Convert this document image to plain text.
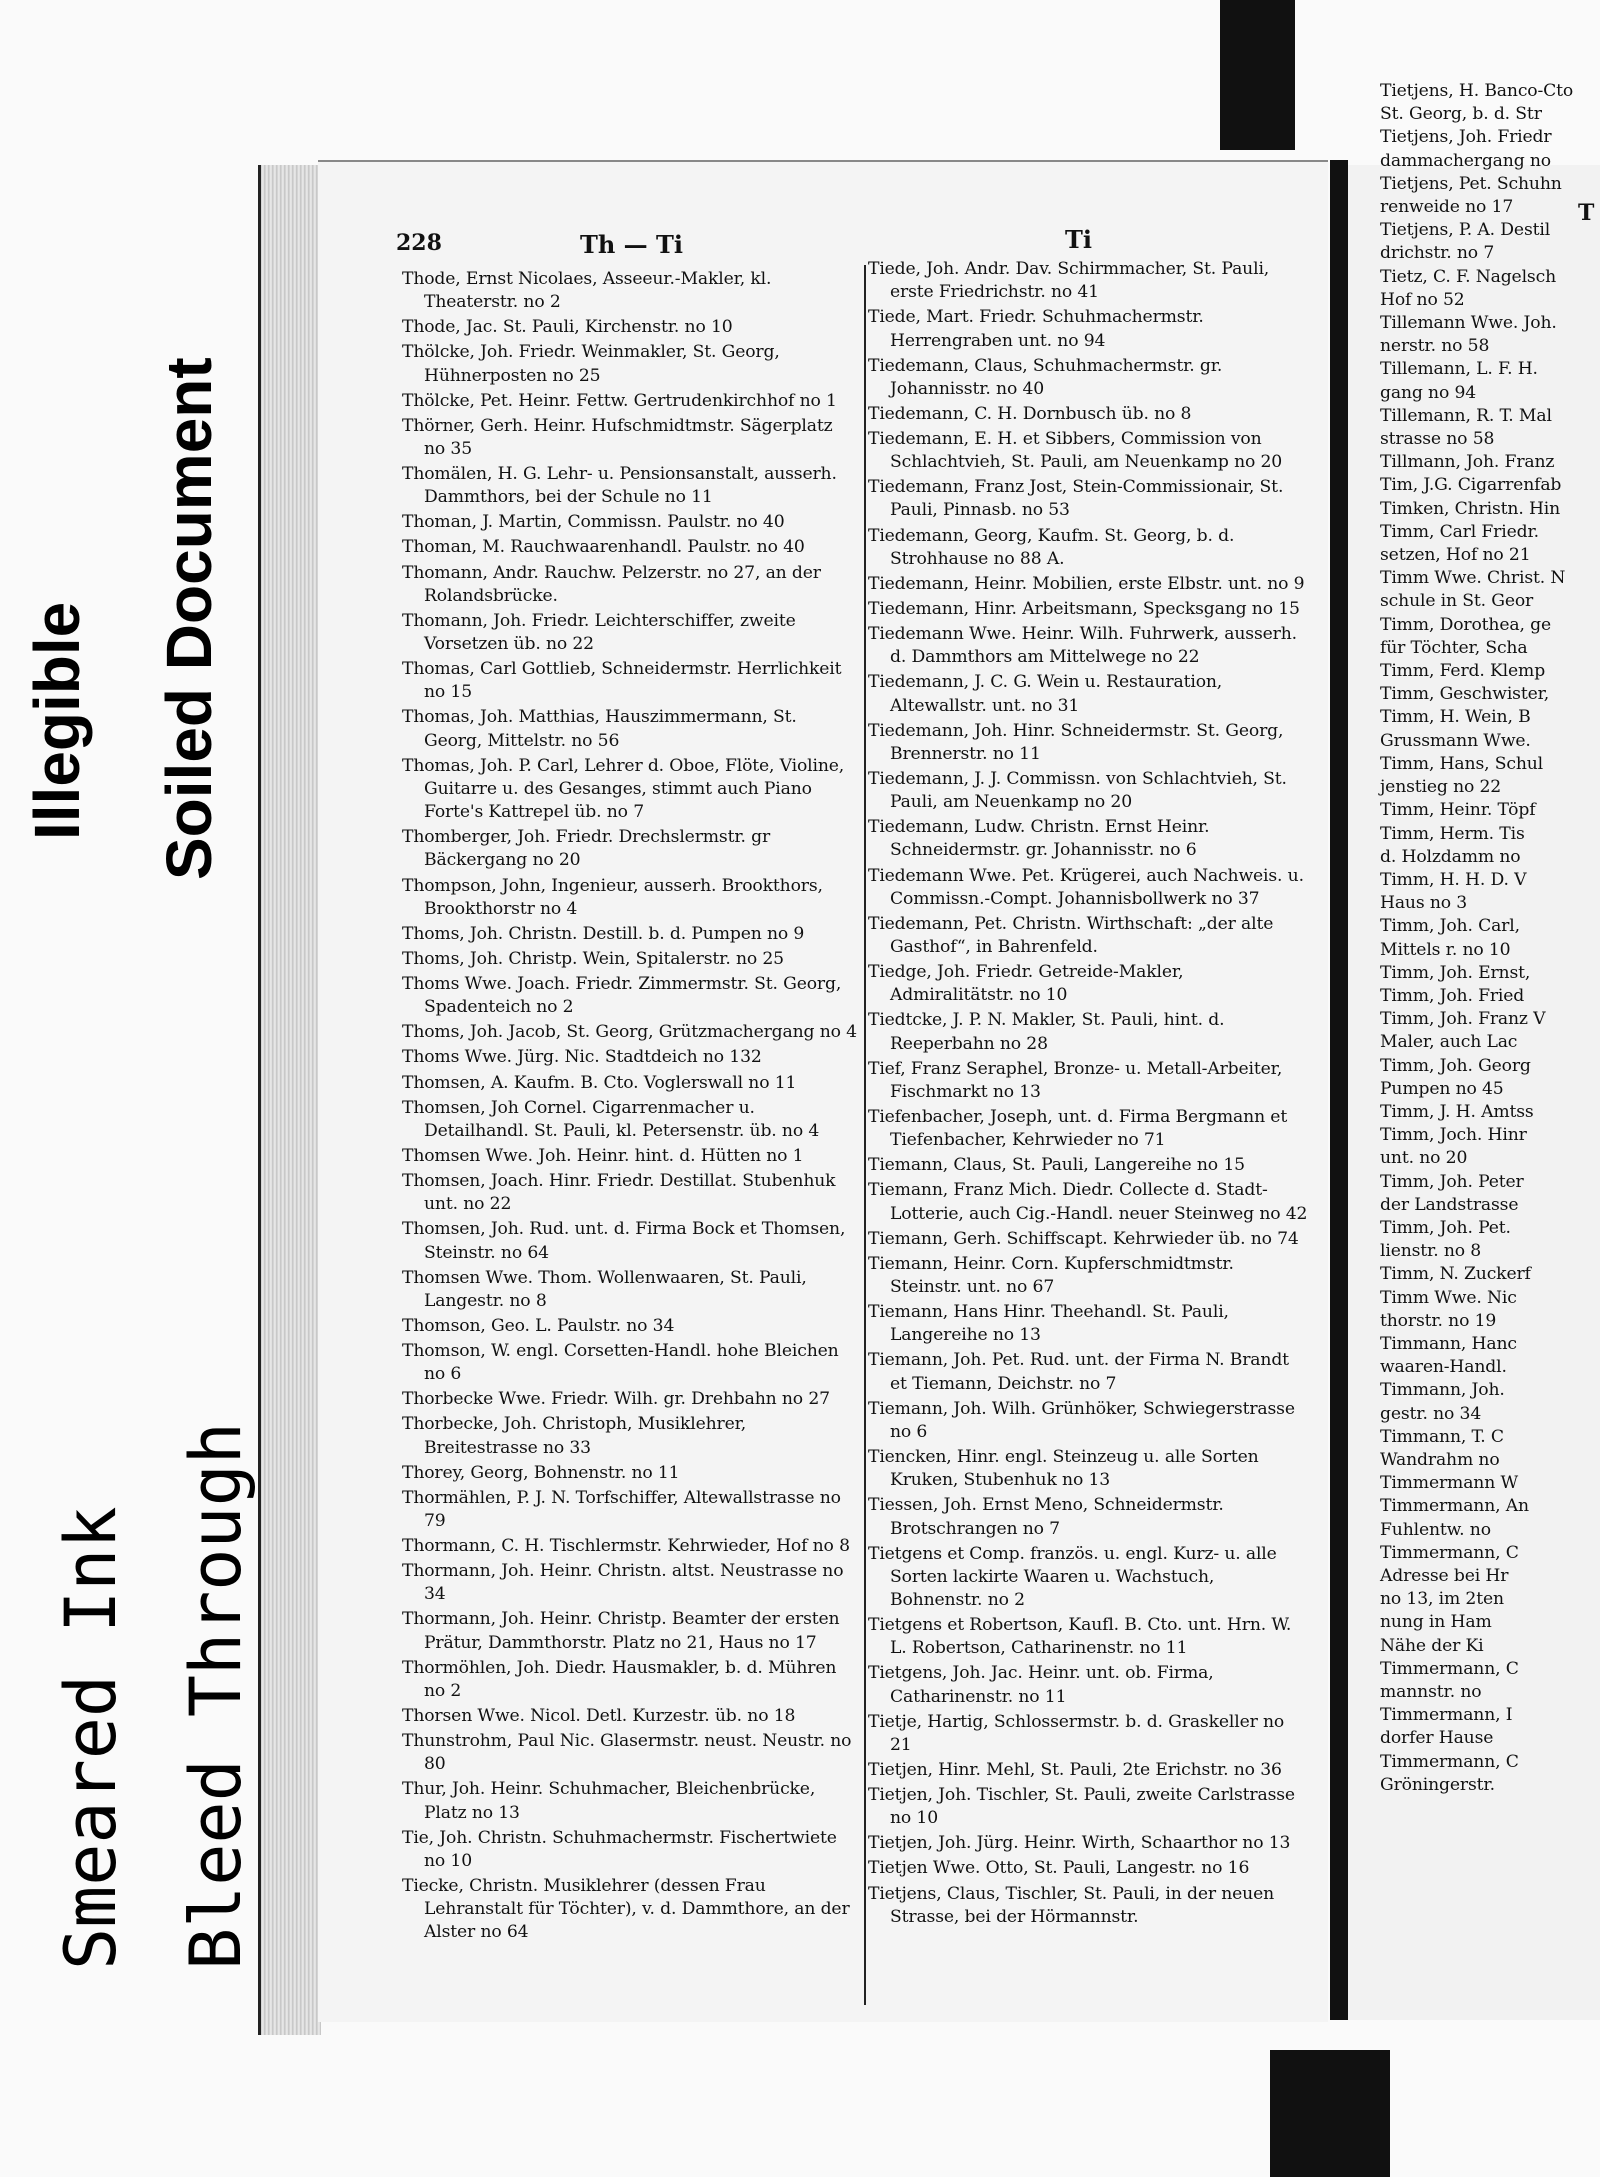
Illegible Soiled Document
Smeared Ink Bleed Through
228	Th — Ti	Ti
T
Thode, Ernst Nicolaes, Asseeur.-Makler, kl. Theaterstr. no 2
Thode, Jac. St. Pauli, Kirchenstr. no 10
Thölcke, Joh. Friedr. Weinmakler, St. Georg, Hühnerposten no 25
Thölcke, Pet. Heinr. Fettw. Gertrudenkirchhof no 1
Thörner, Gerh. Heinr. Hufschmidtmstr. Sägerplatz no 35
Thomälen, H. G. Lehr- u. Pensionsanstalt, ausserh. Dammthors, bei der Schule no 11
Thoman, J. Martin, Commissn. Paulstr. no 40
Thoman, M. Rauchwaarenhandl. Paulstr. no 40
Thomann, Andr. Rauchw. Pelzerstr. no 27, an der Rolandsbrücke.
Thomann, Joh. Friedr. Leichterschiffer, zweite Vorsetzen üb. no 22
Thomas, Carl Gottlieb, Schneidermstr. Herrlichkeit no 15
Thomas, Joh. Matthias, Hauszimmermann, St. Georg, Mittelstr. no 56
Thomas, Joh. P. Carl, Lehrer d. Oboe, Flöte, Violine, Guitarre u. des Gesanges, stimmt auch Piano Forte's Kattrepel üb. no 7
Thomberger, Joh. Friedr. Drechslermstr. gr Bäckergang no 20
Thompson, John, Ingenieur, ausserh. Brookthors, Brookthorstr no 4
Thoms, Joh. Christn. Destill. b. d. Pumpen no 9
Thoms, Joh. Christp. Wein, Spitalerstr. no 25
Thoms Wwe. Joach. Friedr. Zimmermstr. St. Georg, Spadenteich no 2
Thoms, Joh. Jacob, St. Georg, Grützmachergang no 4
Thoms Wwe. Jürg. Nic. Stadtdeich no 132
Thomsen, A. Kaufm. B. Cto. Voglerswall no 11
Thomsen, Joh Cornel. Cigarrenmacher u. Detailhandl. St. Pauli, kl. Petersenstr. üb. no 4
Thomsen Wwe. Joh. Heinr. hint. d. Hütten no 1
Thomsen, Joach. Hinr. Friedr. Destillat. Stubenhuk unt. no 22
Thomsen, Joh. Rud. unt. d. Firma Bock et Thomsen, Steinstr. no 64
Thomsen Wwe. Thom. Wollenwaaren, St. Pauli, Langestr. no 8
Thomson, Geo. L. Paulstr. no 34
Thomson, W. engl. Corsetten-Handl. hohe Bleichen no 6
Thorbecke Wwe. Friedr. Wilh. gr. Drehbahn no 27
Thorbecke, Joh. Christoph, Musiklehrer, Breitestrasse no 33
Thorey, Georg, Bohnenstr. no 11
Thormählen, P. J. N. Torfschiffer, Altewallstrasse no 79
Thormann, C. H. Tischlermstr. Kehrwieder, Hof no 8
Thormann, Joh. Heinr. Christn. altst. Neustrasse no 34
Thormann, Joh. Heinr. Christp. Beamter der ersten Prätur, Dammthorstr. Platz no 21, Haus no 17
Thormöhlen, Joh. Diedr. Hausmakler, b. d. Mühren no 2
Thorsen Wwe. Nicol. Detl. Kurzestr. üb. no 18
Thunstrohm, Paul Nic. Glasermstr. neust. Neustr. no 80
Thur, Joh. Heinr. Schuhmacher, Bleichenbrücke, Platz no 13
Tie, Joh. Christn. Schuhmachermstr. Fischertwiete no 10
Tiecke, Christn. Musiklehrer (dessen Frau Lehranstalt für Töchter), v. d. Dammthore, an der Alster no 64
Tiede, Joh. Andr. Dav. Schirmmacher, St. Pauli, erste Friedrichstr. no 41
Tiede, Mart. Friedr. Schuhmachermstr. Herrengraben unt. no 94
Tiedemann, Claus, Schuhmachermstr. gr. Johannisstr. no 40
Tiedemann, C. H. Dornbusch üb. no 8
Tiedemann, E. H. et Sibbers, Commission von Schlachtvieh, St. Pauli, am Neuenkamp no 20
Tiedemann, Franz Jost, Stein-Commissionair, St. Pauli, Pinnasb. no 53
Tiedemann, Georg, Kaufm. St. Georg, b. d. Strohhause no 88 A.
Tiedemann, Heinr. Mobilien, erste Elbstr. unt. no 9
Tiedemann, Hinr. Arbeitsmann, Specksgang no 15
Tiedemann Wwe. Heinr. Wilh. Fuhrwerk, ausserh. d. Dammthors am Mittelwege no 22
Tiedemann, J. C. G. Wein u. Restauration, Altewallstr. unt. no 31
Tiedemann, Joh. Hinr. Schneidermstr. St. Georg, Brennerstr. no 11
Tiedemann, J. J. Commissn. von Schlachtvieh, St. Pauli, am Neuenkamp no 20
Tiedemann, Ludw. Christn. Ernst Heinr. Schneidermstr. gr. Johannisstr. no 6
Tiedemann Wwe. Pet. Krügerei, auch Nachweis. u. Commissn.-Compt. Johannisbollwerk no 37
Tiedemann, Pet. Christn. Wirthschaft: „der alte Gasthof“, in Bahrenfeld.
Tiedge, Joh. Friedr. Getreide-Makler, Admiralitätstr. no 10
Tiedtcke, J. P. N. Makler, St. Pauli, hint. d. Reeperbahn no 28
Tief, Franz Seraphel, Bronze- u. Metall-Arbeiter, Fischmarkt no 13
Tiefenbacher, Joseph, unt. d. Firma Bergmann et Tiefenbacher, Kehrwieder no 71
Tiemann, Claus, St. Pauli, Langereihe no 15
Tiemann, Franz Mich. Diedr. Collecte d. Stadt-Lotterie, auch Cig.-Handl. neuer Steinweg no 42
Tiemann, Gerh. Schiffscapt. Kehrwieder üb. no 74
Tiemann, Heinr. Corn. Kupferschmidtmstr. Steinstr. unt. no 67
Tiemann, Hans Hinr. Theehandl. St. Pauli, Langereihe no 13
Tiemann, Joh. Pet. Rud. unt. der Firma N. Brandt et Tiemann, Deichstr. no 7
Tiemann, Joh. Wilh. Grünhöker, Schwiegerstrasse no 6
Tiencken, Hinr. engl. Steinzeug u. alle Sorten Kruken, Stubenhuk no 13
Tiessen, Joh. Ernst Meno, Schneidermstr. Brotschrangen no 7
Tietgens et Comp. französ. u. engl. Kurz- u. alle Sorten lackirte Waaren u. Wachstuch, Bohnenstr. no 2
Tietgens et Robertson, Kaufl. B. Cto. unt. Hrn. W. L. Robertson, Catharinenstr. no 11
Tietgens, Joh. Jac. Heinr. unt. ob. Firma, Catharinenstr. no 11
Tietje, Hartig, Schlossermstr. b. d. Graskeller no 21
Tietjen, Hinr. Mehl, St. Pauli, 2te Erichstr. no 36
Tietjen, Joh. Tischler, St. Pauli, zweite Carlstrasse no 10
Tietjen, Joh. Jürg. Heinr. Wirth, Schaarthor no 13
Tietjen Wwe. Otto, St. Pauli, Langestr. no 16
Tietjens, Claus, Tischler, St. Pauli, in der neuen Strasse, bei der Hörmannstr.
Tietjens, H. Banco-Cto
St. Georg, b. d. Str
Tietjens, Joh. Friedr
dammachergang no
Tietjens, Pet. Schuhn
renweide no 17
Tietjens, P. A. Destil
drichstr. no 7
Tietz, C. F. Nagelsch
Hof no 52
Tillemann Wwe. Joh.
nerstr. no 58
Tillemann, L. F. H.
gang no 94
Tillemann, R. T. Mal
strasse no 58
Tillmann, Joh. Franz
Tim, J.G. Cigarrenfab
Timken, Christn. Hin
Timm, Carl Friedr.
setzen, Hof no 21
Timm Wwe. Christ. N
schule in St. Geor
Timm, Dorothea, ge
für Töchter, Scha
Timm, Ferd. Klemp
Timm, Geschwister,
Timm, H. Wein, B
Grussmann Wwe.
Timm, Hans, Schul
jenstieg no 22
Timm, Heinr. Töpf
Timm, Herm. Tis
d. Holzdamm no
Timm, H. H. D. V
Haus no 3
Timm, Joh. Carl,
Mittels r. no 10
Timm, Joh. Ernst,
Timm, Joh. Fried
Timm, Joh. Franz V
Maler, auch Lac
Timm, Joh. Georg
Pumpen no 45
Timm, J. H. Amtss
Timm, Joch. Hinr
unt. no 20
Timm, Joh. Peter
der Landstrasse
Timm, Joh. Pet.
lienstr. no 8
Timm, N. Zuckerf
Timm Wwe. Nic
thorstr. no 19
Timmann, Hanc
waaren-Handl.
Timmann, Joh.
gestr. no 34
Timmann, T. C
Wandrahm no
Timmermann W
Timmermann, An
Fuhlentw. no
Timmermann, C
Adresse bei Hr
no 13, im 2ten
nung in Ham
Nähe der Ki
Timmermann, C
mannstr. no
Timmermann, I
dorfer Hause
Timmermann, C
Gröningerstr.
